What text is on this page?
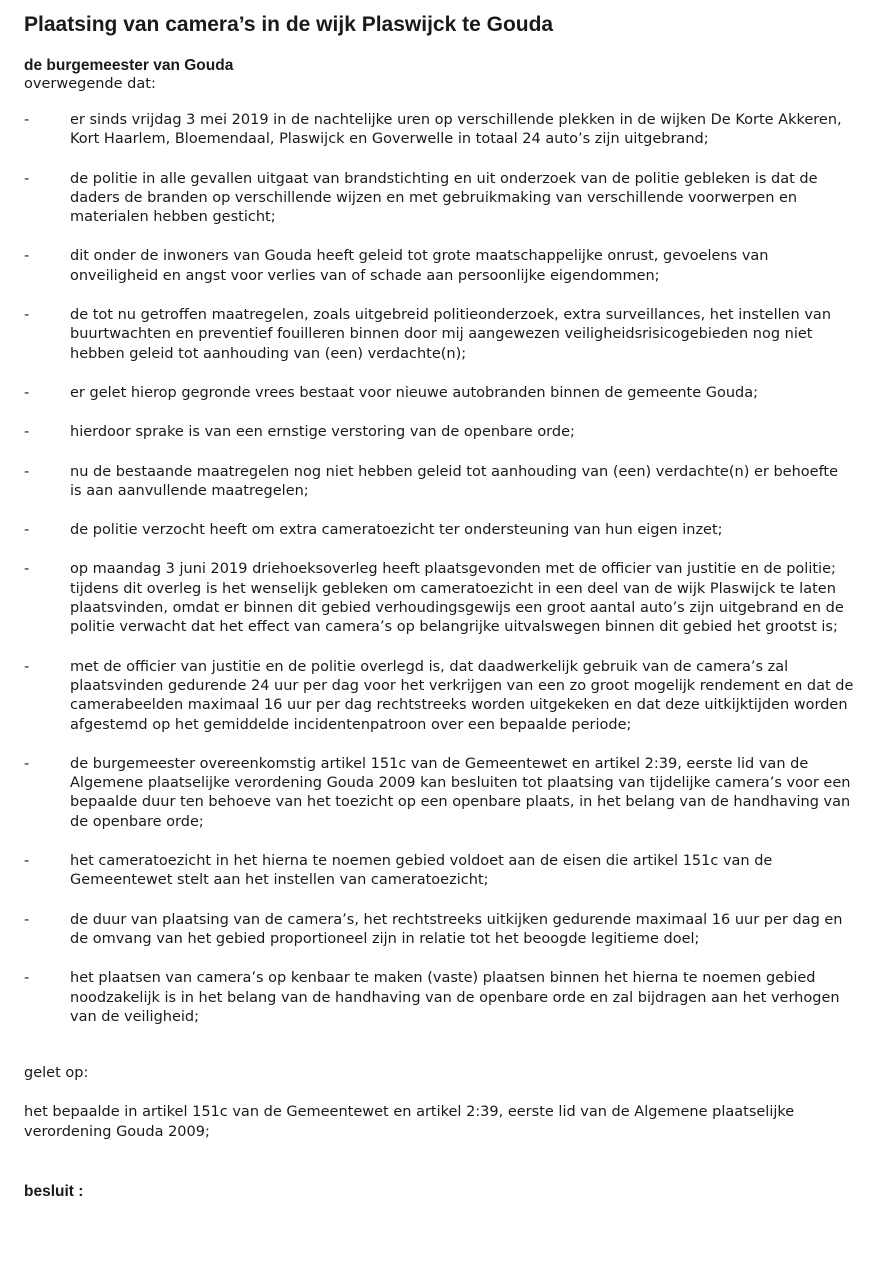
Plaatsing van camera’s in de wijk Plaswijck te Gouda
de burgemeester van Gouda
overwegende dat:
-	er sinds vrijdag 3 mei 2019 in de nachtelijke uren op verschillende plekken in de wijken De Korte Akkeren, Kort Haarlem, Bloemendaal, Plaswijck en Goverwelle in totaal 24 auto’s zijn uitgebrand;
-	de politie in alle gevallen uitgaat van brandstichting en uit onderzoek van de politie gebleken is dat de daders de branden op verschillende wijzen en met gebruikmaking van verschillende voorwerpen en materialen hebben gesticht;
-	dit onder de inwoners van Gouda heeft geleid tot grote maatschappelijke onrust, gevoelens van onveiligheid en angst voor verlies van of schade aan persoonlijke eigendommen;
-	de tot nu getroffen maatregelen, zoals uitgebreid politieonderzoek, extra surveillances, het instellen van buurtwachten en preventief fouilleren binnen door mij aangewezen veiligheidsrisicogebieden nog niet hebben geleid tot aanhouding van (een) verdachte(n);
-	er gelet hierop gegronde vrees bestaat voor nieuwe autobranden binnen de gemeente Gouda;
-	hierdoor sprake is van een ernstige verstoring van de openbare orde;
-	nu de bestaande maatregelen nog niet hebben geleid tot aanhouding van (een) verdachte(n) er behoefte is aan aanvullende maatregelen;
-	de politie verzocht heeft om extra cameratoezicht ter ondersteuning van hun eigen inzet;
-	op maandag 3 juni 2019 driehoeksoverleg heeft plaatsgevonden met de officier van justitie en de politie; tijdens dit overleg is het wenselijk gebleken om cameratoezicht in een deel van de wijk Plaswijck te laten plaatsvinden, omdat er binnen dit gebied verhoudingsgewijs een groot aantal auto’s zijn uitgebrand en de politie verwacht dat het effect van camera’s op belangrijke uitvalswegen binnen dit gebied het grootst is;
-	met de officier van justitie en de politie overlegd is, dat daadwerkelijk gebruik van de camera’s zal plaatsvinden gedurende 24 uur per dag voor het verkrijgen van een zo groot mogelijk rendement en dat de camerabeelden maximaal 16 uur per dag rechtstreeks worden uitgekeken en dat deze uitkijktijden worden afgestemd op het gemiddelde incidentenpatroon over een bepaalde periode;
-	de burgemeester overeenkomstig artikel 151c van de Gemeentewet en artikel 2:39, eerste lid van de Algemene plaatselijke verordening Gouda 2009 kan besluiten tot plaatsing van tijdelijke camera’s voor een bepaalde duur ten behoeve van het toezicht op een openbare plaats, in het belang van de handhaving van de openbare orde;
-	het cameratoezicht in het hierna te noemen gebied voldoet aan de eisen die artikel 151c van de Gemeentewet stelt aan het instellen van cameratoezicht;
-	de duur van plaatsing van de camera’s, het rechtstreeks uitkijken gedurende maximaal 16 uur per dag en de omvang van het gebied proportioneel zijn in relatie tot het beoogde legitieme doel;
-	het plaatsen van camera’s op kenbaar te maken (vaste) plaatsen binnen het hierna te noemen gebied noodzakelijk is in het belang van de handhaving van de openbare orde en zal bijdragen aan het verhogen van de veiligheid;
gelet op:
het bepaalde in artikel 151c van de Gemeentewet en artikel 2:39, eerste lid van de Algemene plaatselijke verordening Gouda 2009;
besluit :
